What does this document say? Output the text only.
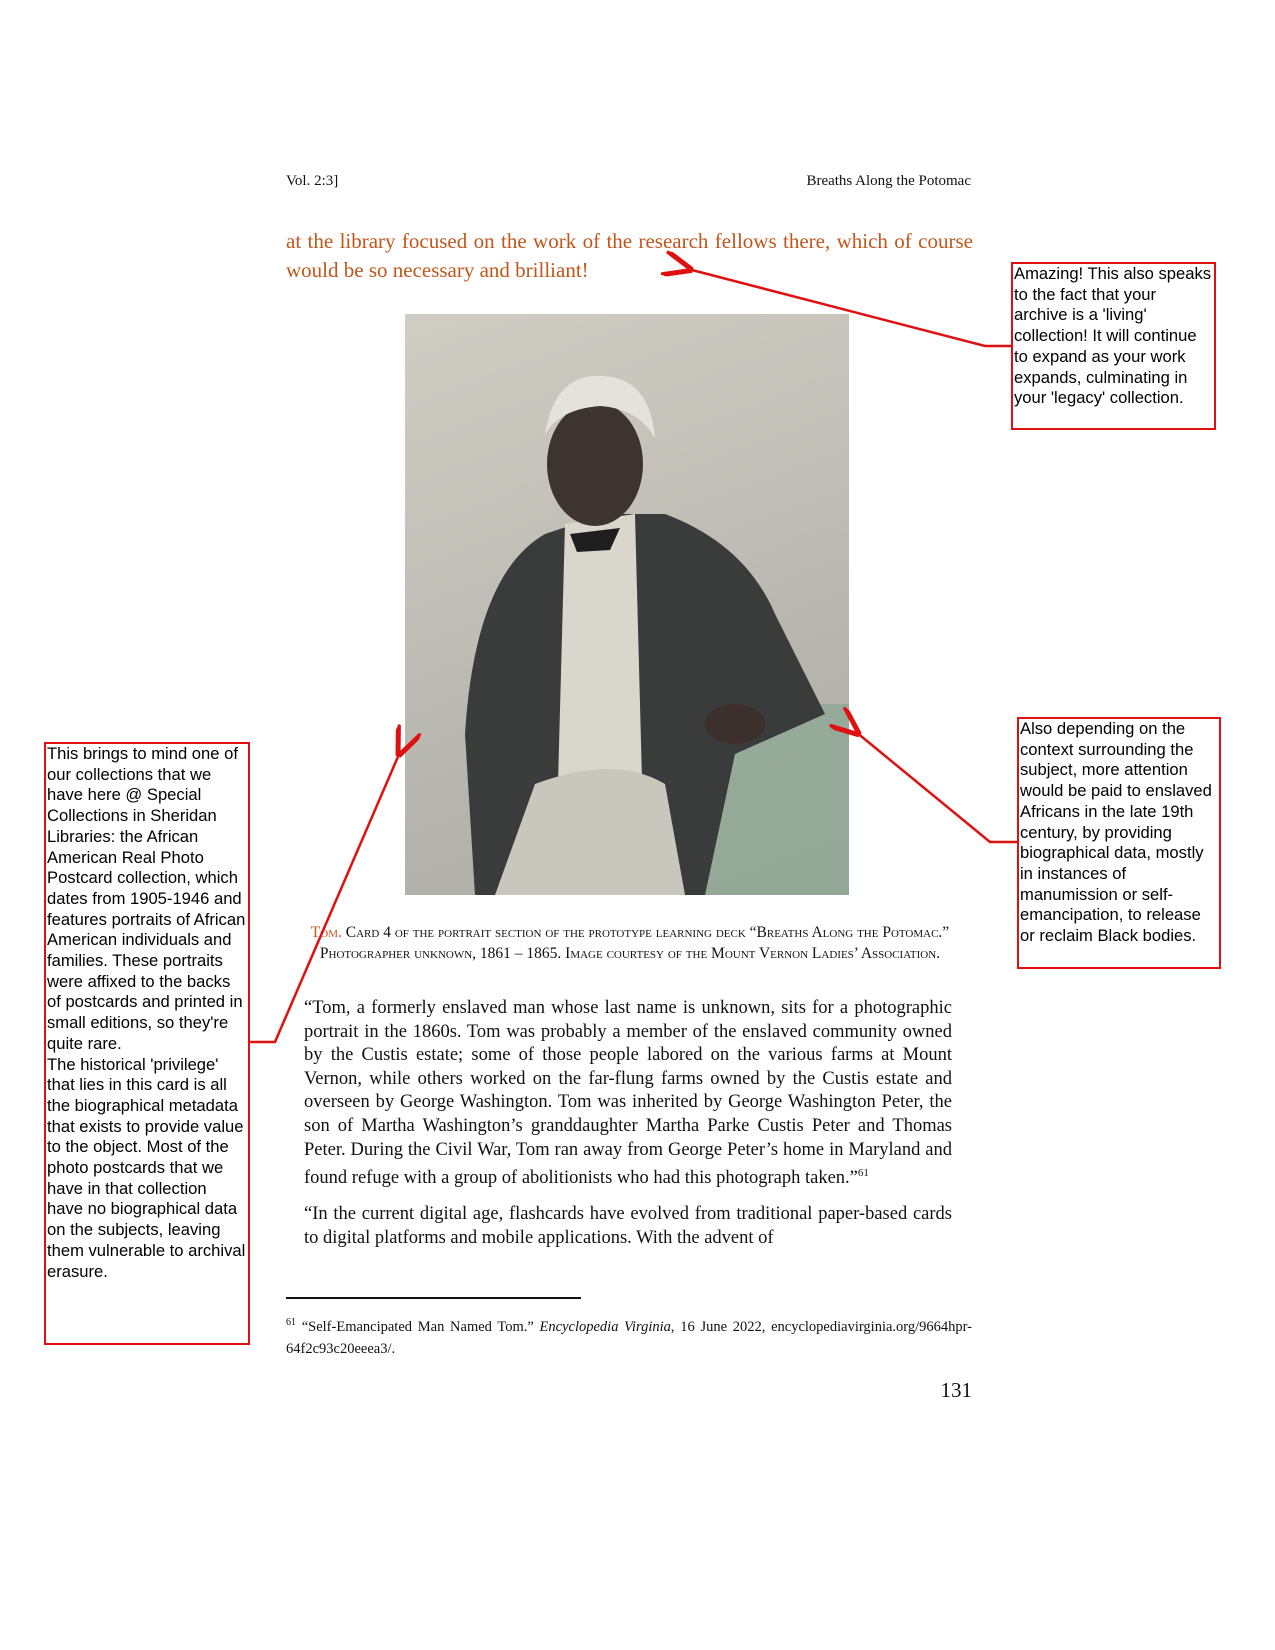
Vol. 2:3]	Breaths Along the Potomac
at the library focused on the work of the research fellows there, which of course would be so necessary and brilliant!
Tom. Card 4 of the portrait section of the prototype learning deck “Breaths Along the Potomac.” Photographer unknown, 1861 – 1865. Image courtesy of the Mount Vernon Ladies’ Association.

“Tom, a formerly enslaved man whose last name is unknown, sits for a photographic portrait in the 1860s. Tom was probably a member of the enslaved community owned by the Custis estate; some of those people labored on the various farms at Mount Vernon, while others worked on the far-flung farms owned by the Custis estate and overseen by George Washington. Tom was inherited by George Washington Peter, the son of Martha Washington’s granddaughter Martha Parke Custis Peter and Thomas Peter. During the Civil War, Tom ran away from George Peter’s home in Maryland and found refuge with a group of abolitionists who had this photograph taken.”$^{61}$

“In the current digital age, flashcards have evolved from traditional paper-based cards to digital platforms and mobile applications. With the advent of

$^{61}$ “Self-Emancipated Man Named Tom.” Encyclopedia Virginia, 16 June 2022, encyclopediavirginia.org/9664hpr-64f2c93c20eeea3/.
131
Amazing! This also speaks to the fact that your archive is a 'living' collection! It will continue to expand as your work expands, culminating in your 'legacy' collection.
Also depending on the context surrounding the subject, more attention would be paid to enslaved Africans in the late 19th century, by providing biographical data, mostly in instances of manumission or self-emancipation, to release or reclaim Black bodies.
This brings to mind one of our collections that we have here @ Special Collections in Sheridan Libraries: the African American Real Photo Postcard collection, which dates from 1905-1946 and features portraits of African American individuals and families. These portraits were affixed to the backs of postcards and printed in small editions, so they're quite rare.
The historical 'privilege' that lies in this card is all the biographical metadata that exists to provide value to the object. Most of the photo postcards that we have in that collection have no biographical data on the subjects, leaving them vulnerable to archival erasure.
